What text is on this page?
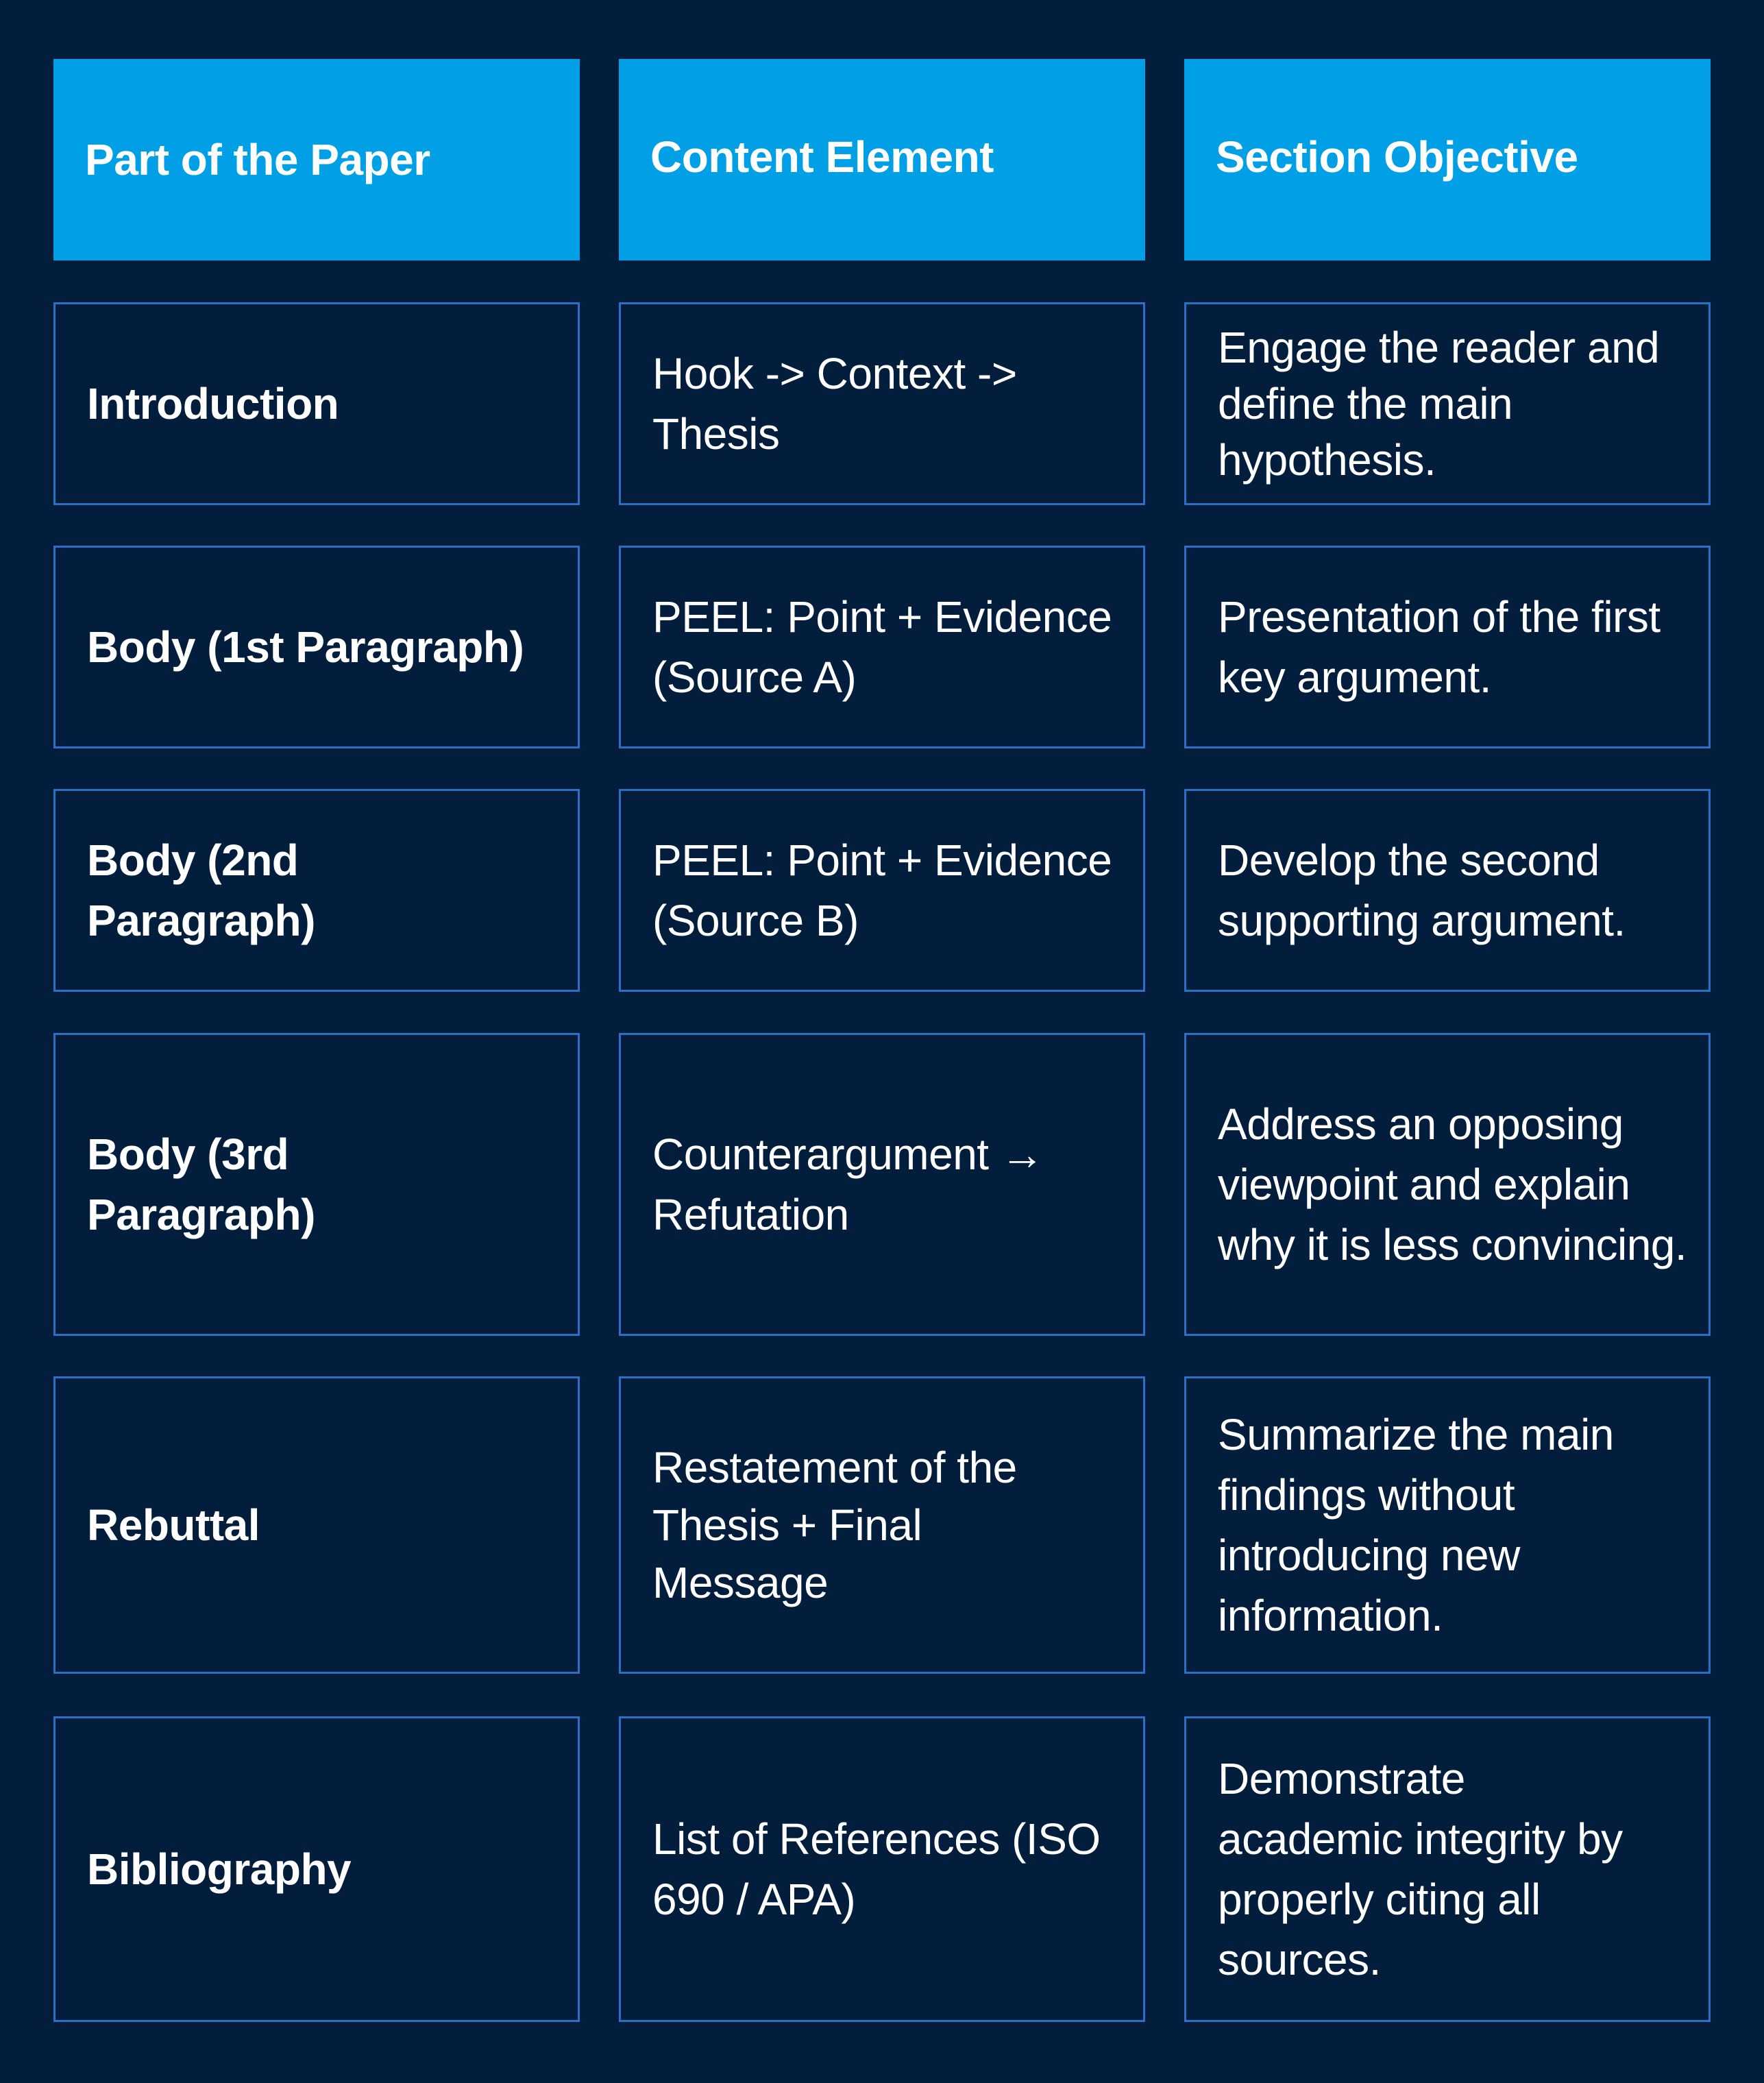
Part of the Paper	Content Element	Section Objective
Introduction
Hook -> Context -> Thesis
Engage the reader and define the main hypothesis.
Body (1st Paragraph)
PEEL: Point + Evidence (Source A)
Presentation of the first key argument.
Body (2nd Paragraph)
PEEL: Point + Evidence (Source B)
Develop the second supporting argument.
Body (3rd Paragraph)
Counterargument → Refutation
Address an opposing viewpoint and explain why it is less convincing.
Rebuttal
Restatement of the Thesis + Final Message
Summarize the main findings without introducing new information.
Bibliography
List of References (ISO 690 / APA)
Demonstrate academic integrity by properly citing all sources.
